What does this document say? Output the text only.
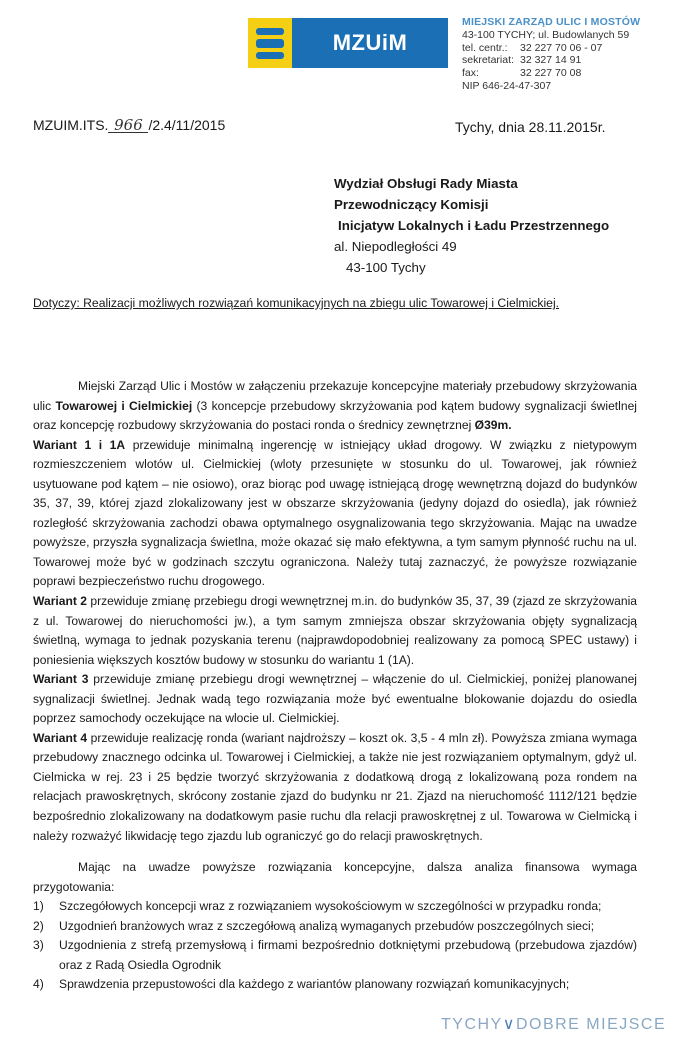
MZUiM
MIEJSKI ZARZĄD ULIC I MOSTÓW
43-100 TYCHY; ul. Budowlanych 59
tel. centr.:	32 227 70 06 - 07
sekretariat: 32 327 14 91
fax:	32 227 70 08
NIP 646-24-47-307
MZUIM.ITS. 966 /2.4/11/2015	Tychy, dnia 28.11.2015r.
Wydział Obsługi Rady Miasta
Przewodniczący Komisji
Inicjatyw Lokalnych i Ładu Przestrzennego
al. Niepodległości 49
43-100 Tychy
Dotyczy: Realizacji możliwych rozwiązań komunikacyjnych na zbiegu ulic Towarowej i Cielmickiej.

Miejski Zarząd Ulic i Mostów w załączeniu przekazuje koncepcyjne materiały przebudowy skrzyżowania ulic Towarowej i Cielmickiej (3 koncepcje przebudowy skrzyżowania pod kątem budowy sygnalizacji świetlnej oraz koncepcję rozbudowy skrzyżowania do postaci ronda o średnicy zewnętrznej Ø39m.

Wariant 1 i 1A przewiduje minimalną ingerencję w istniejący układ drogowy. W związku z nietypowym rozmieszczeniem wlotów ul. Cielmickiej (wloty przesunięte w stosunku do ul. Towarowej, jak również usytuowane pod kątem – nie osiowo), oraz biorąc pod uwagę istniejącą drogę wewnętrzną dojazd do budynków 35, 37, 39, której zjazd zlokalizowany jest w obszarze skrzyżowania (jedyny dojazd do osiedla), jak również rozległość skrzyżowania zachodzi obawa optymalnego osygnalizowania tego skrzyżowania. Mając na uwadze powyższe, przyszła sygnalizacja świetlna, może okazać się mało efektywna, a tym samym płynność ruchu na ul. Towarowej może być w godzinach szczytu ograniczona. Należy tutaj zaznaczyć, że powyższe rozwiązanie poprawi bezpieczeństwo ruchu drogowego.

Wariant 2 przewiduje zmianę przebiegu drogi wewnętrznej m.in. do budynków 35, 37, 39 (zjazd ze skrzyżowania z ul. Towarowej do nieruchomości jw.), a tym samym zmniejsza obszar skrzyżowania objęty sygnalizacją świetlną, wymaga to jednak pozyskania terenu (najprawdopodobniej realizowany za pomocą SPEC ustawy) i poniesienia większych kosztów budowy w stosunku do wariantu 1 (1A).

Wariant 3 przewiduje zmianę przebiegu drogi wewnętrznej – włączenie do ul. Cielmickiej, poniżej planowanej sygnalizacji świetlnej. Jednak wadą tego rozwiązania może być ewentualne blokowanie dojazdu do osiedla poprzez samochody oczekujące na wlocie ul. Cielmickiej.

Wariant 4 przewiduje realizację ronda (wariant najdroższy – koszt ok. 3,5 - 4 mln zł). Powyższa zmiana wymaga przebudowy znacznego odcinka ul. Towarowej i Cielmickiej, a także nie jest rozwiązaniem optymalnym, gdyż ul. Cielmicka w rej. 23 i 25 będzie tworzyć skrzyżowania z dodatkową drogą z lokalizowaną poza rondem na relacjach prawoskrętnych, skrócony zostanie zjazd do budynku nr 21. Zjazd na nieruchomość 1112/121 będzie bezpośrednio zlokalizowany na dodatkowym pasie ruchu dla relacji prawoskrętnej z ul. Towarowa w Cielmicką i należy rozważyć likwidację tego zjazdu lub ograniczyć go do relacji prawoskrętnych.

Mając na uwadze powyższe rozwiązania koncepcyjne, dalsza analiza finansowa wymaga przygotowania:

1)	Szczegółowych koncepcji wraz z rozwiązaniem wysokościowym w szczególności w przypadku ronda;
2)	Uzgodnień branżowych wraz z szczegółową analizą wymaganych przebudów poszczególnych sieci;
3)	Uzgodnienia z strefą przemysłową i firmami bezpośrednio dotkniętymi przebudową (przebudowa zjazdów) oraz z Radą Osiedla Ogrodnik
4)	Sprawdzenia przepustowości dla każdego z wariantów planowany rozwiązań komunikacyjnych;
TYCHY∨DOBRE MIEJSCE
